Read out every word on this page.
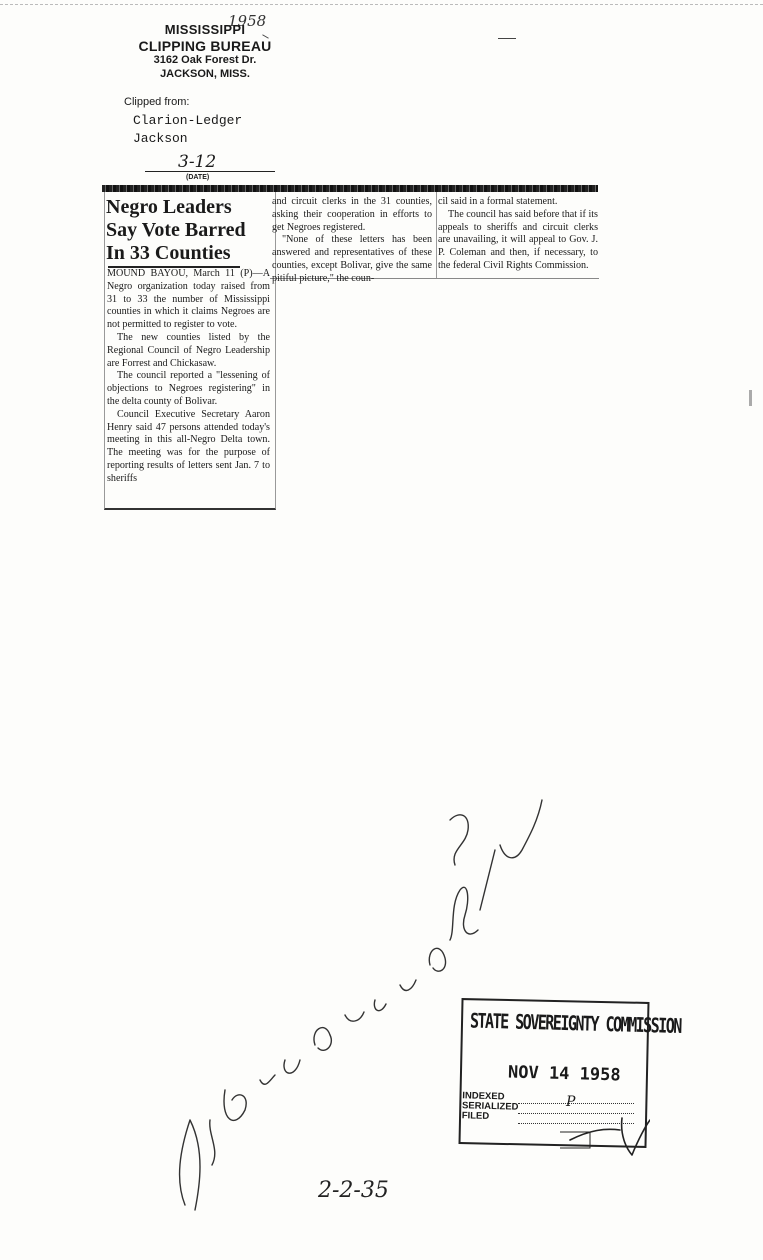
1958
MISSISSIPPI
CLIPPING BUREAU
3162 Oak Forest Dr.
JACKSON, MISS.
Clipped from:
Clarion-Ledger
Jackson
3-12
(DATE)
Negro Leaders
Say Vote Barred
In 33 Counties

MOUND BAYOU, March 11 (P)—A Negro organization today raised from 31 to 33 the number of Mississippi counties in which it claims Negroes are not permitted to register to vote.

The new counties listed by the Regional Council of Negro Leadership are Forrest and Chickasaw.

The council reported a "lessening of objections to Negroes registering" in the delta county of Bolivar.

Council Executive Secretary Aaron Henry said 47 persons attended today's meeting in this all-Negro Delta town. The meeting was for the purpose of reporting results of letters sent Jan. 7 to sheriffs

and circuit clerks in the 31 counties, asking their cooperation in efforts to get Negroes registered.

"None of these letters has been answered and representatives of these counties, except Bolivar, give the same pitiful picture," the coun-

cil said in a formal statement.

The council has said before that if its appeals to sheriffs and circuit clerks are unavailing, it will appeal to Gov. J. P. Coleman and then, if necessary, to the federal Civil Rights Commission.

STATE SOVEREIGNTY COMMISSION
NOV 14 1958
INDEXED
SERIALIZED
FILED
P
2-2-35
